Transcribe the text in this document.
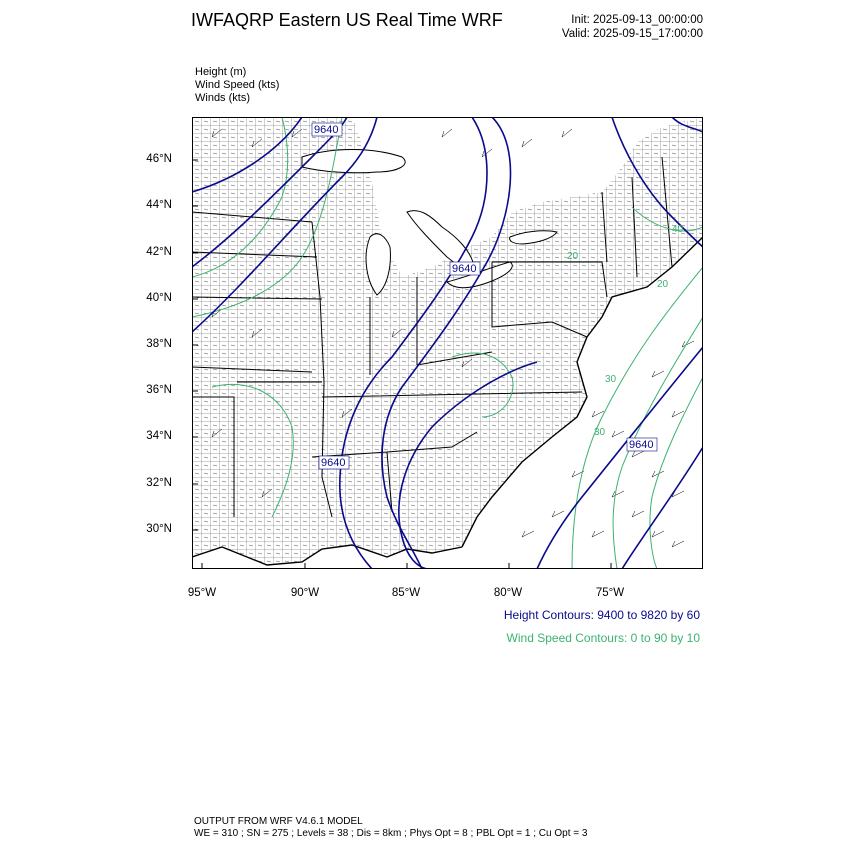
IWFAQRP Eastern US Real Time WRF	Init: 2025-09-13_00:00:00
Valid: 2025-09-15_17:00:00
Height (m)
Wind Speed (kts)
Winds (kts)
46°N
44°N
42°N
40°N
38°N
36°N
34°N
32°N
30°N
95°W	90°W	85°W	80°W	75°W
9640
9640
9640
9640
20
20
30
30
40
Height Contours: 9400 to 9820 by 60
Wind Speed Contours: 0 to 90 by 10
OUTPUT FROM WRF V4.6.1 MODEL
WE = 310 ; SN = 275 ; Levels = 38 ; Dis = 8km ; Phys Opt = 8 ; PBL Opt = 1 ; Cu Opt = 3
